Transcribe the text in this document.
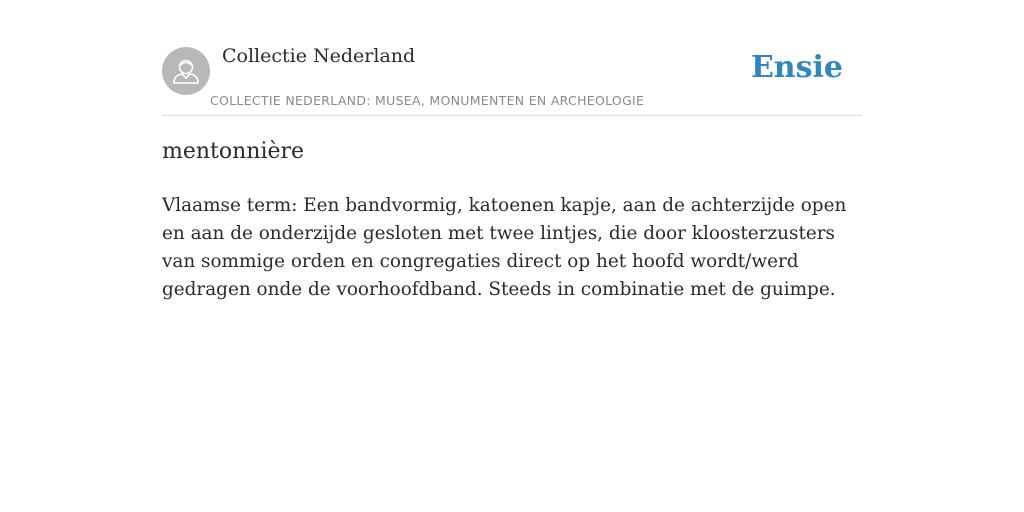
Collectie Nederland
COLLECTIE NEDERLAND: MUSEA, MONUMENTEN EN ARCHEOLOGIE
Ensie
mentonnière

Vlaamse term: Een bandvormig, katoenen kapje, aan de achterzijde open en aan de onderzijde gesloten met twee lintjes, die door kloosterzusters van sommige orden en congregaties direct op het hoofd wordt/werd gedragen onde de voorhoofdband. Steeds in combinatie met de guimpe.
